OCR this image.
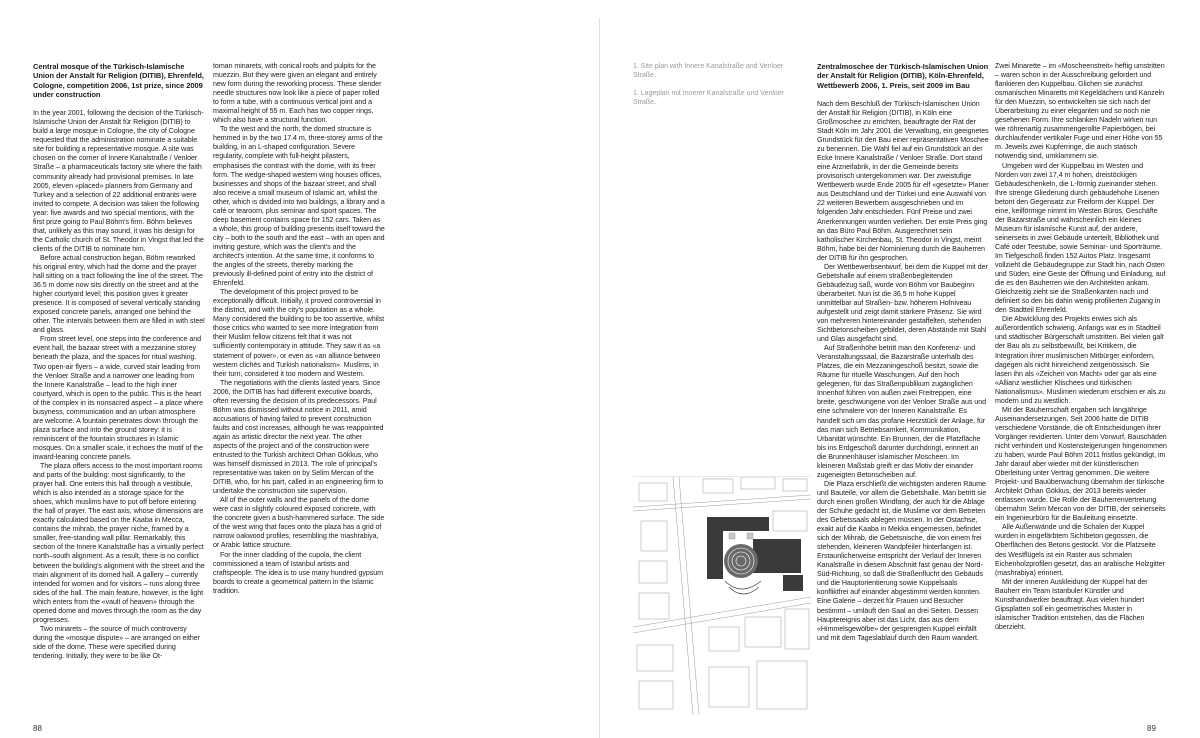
Central mosque of the Türkisch-Islamische Union der Anstalt für Religion (DITIB), Ehrenfeld, Cologne, competition 2006, 1st prize, since 2009 under construction

In the year 2001, following the decision of the Türkisch-Islamische Union der Anstalt für Religion (DITIB) to build a large mosque in Cologne, the city of Cologne requested that the administration nominate a suitable site for building a representative mosque. A site was chosen on the corner of Innere Kanalstraße / Venloer Straße – a pharmaceuticals factory site where the faith community already had provisional premises. In late 2005, eleven «placed» planners from Germany and Turkey and a selection of 22 additional entrants were invited to compete. A decision was taken the following year: five awards and two special mentions, with the first prize going to Paul Böhm's firm. Böhm believes that, unlikely as this may sound, it was his design for the Catholic church of St. Theodor in Vingst that led the clients of the DITIB to nominate him.

Before actual construction began, Böhm reworked his original entry, which had the dome and the prayer hall sitting on a tract following the line of the street. The 36.5 m dome now sits directly on the street and at the higher courtyard level; this position gives it greater presence. It is composed of several vertically standing exposed concrete panels, arranged one behind the other. The intervals between them are filled in with steel and glass.

From street level, one steps into the conference and event hall, the bazaar street with a mezzanine storey beneath the plaza, and the spaces for ritual washing. Two open-air flyers – a wide, curved stair leading from the Venloer Straße and a narrower one leading from the Innere Kanalstraße – lead to the high inner courtyard, which is open to the public. This is the heart of the complex in its nonsacred aspect – a place where busyness, communication and an urban atmosphere are welcome. A fountain penetrates down through the plaza surface and into the ground storey: it is reminiscent of the fountain structures in Islamic mosques. On a smaller scale, it echoes the motif of the inward-leaning concrete panels.

The plaza offers access to the most important rooms and parts of the building: most significantly, to the prayer hall. One enters this hall through a vestibule, which is also intended as a storage space for the shoes, which muslims have to put off before entering the hall of prayer. The east axis, whose dimensions are exactly calculated based on the Kaaba in Mecca, contains the mihrab, the prayer niche, framed by a smaller, free-standing wall pillar. Remarkably, this section of the Innere Kanalstraße has a virtually perfect north–south alignment. As a result, there is no conflict between the building's alignment with the street and the main alignment of its domed hall. A gallery – currently intended for women and for visitors – runs along three sides of the hall. The main feature, however, is the light which enters from the «vault of heaven» through the opened dome and moves through the room as the day progresses.

Two minarets – the source of much controversy during the «mosque dispute» – are arranged on either side of the dome. These were specified during tendering. Initially, they were to be like Ot-

toman minarets, with conical roofs and pulpits for the muezzin. But they were given an elegant and entirely new form during the reworking process. These slender needle structures now look like a piece of paper rolled to form a tube, with a continuous vertical joint and a maximal height of 55 m. Each has two copper rings, which also have a structural function.

To the west and the north, the domed structure is hemmed in by the two 17.4 m, three-storey arms of the building, in an L-shaped configuration. Severe regularity, complete with full-height pilasters, emphasises the contrast with the dome, with its freer form. The wedge-shaped western wing houses offices, businesses and shops of the bazaar street, and shall also receive a small museum of Islamic art, whilst the other, which is divided into two buildings, a library and a café or tearoom, plus seminar and sport spaces. The deep basement contains space for 152 cars. Taken as a whole, this group of building presents itself toward the city – both to the south and the east – with an open and inviting gesture, which was the client's and the architect's intention. At the same time, it conforms to the angles of the streets, thereby marking the previously ill-defined point of entry into the district of Ehrenfeld.

The development of this project proved to be exceptionally difficult. Initially, it proved controversial in the district, and with the city's population as a whole. Many considered the building to be too assertive, whilst those critics who wanted to see more integration from their Muslim fellow citizens felt that it was not sufficiently contemporary in attitude. They saw it as «a statement of power», or even as «an alliance between western clichés and Turkish nationalism». Muslims, in their turn, considered it too modern and Western.

The negotiations with the clients lasted years. Since 2006, the DITIB has had different executive boards, often reversing the decision of its predecessors. Paul Böhm was dismissed without notice in 2011, amid accusations of having failed to prevent construction faults and cost increases, although he was reappointed again as artistic director the next year. The other aspects of the project and of the construction were entrusted to the Turkish architect Orhan Gökkus, who was himself dismissed in 2013. The role of principal's representative was taken on by Selim Mercan of the DITIB, who, for his part, called in an engineering firm to undertake the construction site supervision.

All of the outer walls and the panels of the dome were cast in slightly coloured exposed concrete, with the concrete given a bush-hammered surface. The side of the west wing that faces onto the plaza has a grid of narrow oakwood profiles, resembling the mashrabiya, or Arabic lattice structure.

For the inner cladding of the cupola, the client commissioned a team of Istanbul artists and craftspeople. The idea is to use many hundred gypsum boards to create a geometrical pattern in the Islamic tradition.

88
1. Site plan with Innere Kanalstraße and Venloer Straße.
1. Lageplan mit Innerer Kanalstraße und Venloer Straße.
Zentralmoschee der Türkisch-Islamischen Union der Anstalt für Religion (DITIB), Köln-Ehrenfeld, Wettbewerb 2006, 1. Preis, seit 2009 im Bau

Nach dem Beschluß der Türkisch-Islamischen Union der Anstalt für Religion (DITIB), in Köln eine Großmoschee zu errichten, beauftragte der Rat der Stadt Köln im Jahr 2001 die Verwaltung, ein geeignetes Grundstück für den Bau einer repräsentativen Moschee zu benennen. Die Wahl fiel auf ein Grundstück an der Ecke Innere Kanalstraße / Venloer Straße. Dort stand eine Arzneifabrik, in der die Gemeinde bereits provisorisch untergekommen war. Der zweistufige Wettbewerb wurde Ende 2005 für elf «gesetzte» Planer aus Deutschland und der Türkei und eine Auswahl von 22 weiteren Bewerbern ausgeschrieben und im folgenden Jahr entschieden. Fünf Preise und zwei Anerkennungen wurden verliehen. Der erste Preis ging an das Büro Paul Böhm. Ausgerechnet sein katholischer Kirchenbau, St. Theodor in Vingst, meint Böhm, habe bei der Nominierung durch die Bauherren der DITIB für ihn gesprochen.

Der Wettbewerbsentwurf, bei dem die Kuppel mit der Gebetshalle auf einem straßenbegleitenden Gebäudezug saß, wurde von Böhm vor Baubeginn überarbeitet. Nun ist die 36,5 m hohe Kuppel unmittelbar auf Straßen- bzw. höherem Hofniveau aufgestellt und zeigt damit stärkere Präsenz. Sie wird von mehreren hintereinander gestaffelten, stehenden Sichtbetonscheiben gebildet, deren Abstände mit Stahl und Glas ausgefacht sind.

Auf Straßenhöhe betritt man den Konferenz- und Veranstaltungssaal, die Bazarstraße unterhalb des Platzes, die ein Mezzaningeschoß besitzt, sowie die Räume für rituelle Waschungen. Auf den hoch gelegenen, für das Straßenpublikum zugänglichen Innenhof führen von außen zwei Freitreppen, eine breite, geschwungene von der Venloer Straße aus und eine schmalere von der Inneren Kanalstraße. Es handelt sich um das profane Herzstück der Anlage, für das man sich Betriebsamkeit, Kommunikation, Urbanität wünschte. Ein Brunnen, der die Platzfläche bis ins Erdgeschoß darunter durchdringt, erinnert an die Brunnenhäuser islamischer Moscheen. Im kleineren Maßstab greift er das Motiv der einander zugeneigten Betonscheiben auf.

Die Plaza erschließt die wichtigsten anderen Räume und Bauteile, vor allem die Gebetshalle. Man betritt sie durch einen großen Windfang, der auch für die Ablage der Schuhe gedacht ist, die Muslime vor dem Betreten des Gebetssaals ablegen müssen. In der Ostachse, exakt auf die Kaaba in Mekka eingemessen, befindet sich der Mihrab, die Gebetsnische, die von einem frei stehenden, kleineren Wandpfeiler hinterfangen ist. Erstaunlicherweise entspricht der Verlauf der Inneren Kanalstraße in diesem Abschnitt fast genau der Nord-Süd-Richtung, so daß die Straßenflucht des Gebäuds und die Hauptorientierung sowie Kuppelsaals konfliktfrei auf einander abgestimmt werden konnten. Eine Galerie – derzeit für Frauen und Besucher bestimmt – umläuft den Saal an drei Seiten. Dessen Hauptereignis aber ist das Licht, das aus dem «Himmelsgewölbe» der gesprengten Kuppel einfällt und mit dem Tageslablauf durch den Raum wandert.

Zwei Minarette – im «Moscheenstreit» heftig umstritten – waren schon in der Ausschreibung gefordert und flankieren den Kuppelbau. Glichen sie zunächst osmanischen Minaretts mit Kegeldächern und Kanzeln für den Muezzin, so entwickelten sie sich nach der Überarbeitung zu einer eleganten und so noch nie gesehenen Form. Ihre schlanken Nadeln wirken nun wie röhrenartig zusammengerollte Papierbögen, bei durchlaufender vertikaler Fuge und einer Höhe von 55 m. Jeweils zwei Kupferringe, die auch statisch notwendig sind, umklammern sie.

Umgeben wird der Kuppelbau im Westen und Norden von zwei 17,4 m hohen, dreistöckigen Gebäudeschenkeln, die L-förmig zueinander stehen. Ihre strenge Gliederung durch gebäudehohe Lisenen betont den Gegensatz zur Freiform der Kuppel. Der eine, keilförmige nimmt im Westen Büros, Geschäfte der Bazarstraße und wahrscheinlich ein kleines Museum für islamische Kunst auf, der andere, seinerseits in zwei Gebäude unterteilt, Bibliothek und Café oder Teestube, sowie Seminar- und Sporträume. Im Tiefgeschoß finden 152 Autos Platz. Insgesamt vollzieht die Gebäudegruppe zur Stadt hin, nach Osten und Süden, eine Geste der Öffnung und Einladung, auf die es den Bauherren wie den Architekten ankam. Gleichzeitig zieht sie die Straßenkanten nach und definiert so den bis dahin wenig profilierten Zugang in den Stadtteil Ehrenfeld.

Die Abwicklung des Projekts erwies sich als außerordentlich schwierig. Anfangs war es in Stadtteil und städtischer Bürgerschaft umstritten. Bei vielen galt der Bau als zu selbstbewußt, bei Kritikern, die Integration ihrer muslimischen Mitbürger einfordern, dagegen als nicht hinreichend zeitgenössisch. Sie lasen ihn als «Zeichen von Macht» oder gar als eine «Allianz westlicher Klischees und türkischen Nationalismus». Muslimen wiederum erschien er als zu modern und zu westlich.

Mit der Bauherrschaft ergaben sich langjährige Auseinandersetzungen. Seit 2006 hatte die DITIB verschiedene Vorstände, die oft Entscheidungen ihrer Vorgänger revidierten. Unter dem Vorwurf, Bauschäden nicht verhindert und Kostensteigerungen hingenommen zu haben, wurde Paul Böhm 2011 fristlos gekündigt, im Jahr darauf aber wieder mit der künstlerischen Oberleitung unter Vertrag genommen. Die weitere Projekt- und Bauüberwachung übernahm der türkische Architekt Orhan Gökkus, der 2013 bereits wieder entlassen wurde. Die Rolle der Bauherrenvertretung übernahm Selim Mercan von der DITIB, der seinerseits ein Ingenieurbüro für die Bauleitung einsetzte.

Alle Außenwände und die Schalen der Kuppel wurden in eingefärbtem Sichtbeton gegossen, die Oberflächen des Betons gestockt. Vor die Platzseite des Westflügels ist ein Raster aus schmalen Eichenholzprofilen gesetzt, das an arabische Holzgitter (mashrabiya) erinnert.

Mit der inneren Auskleidung der Kuppel hat der Bauherr ein Team Istanbuler Künstler und Kunsthandwerker beauftragt. Aus vielen hundert Gipsplatten soll ein geometrisches Muster in islamischer Tradition entstehen, das die Flächen überzieht.

89
